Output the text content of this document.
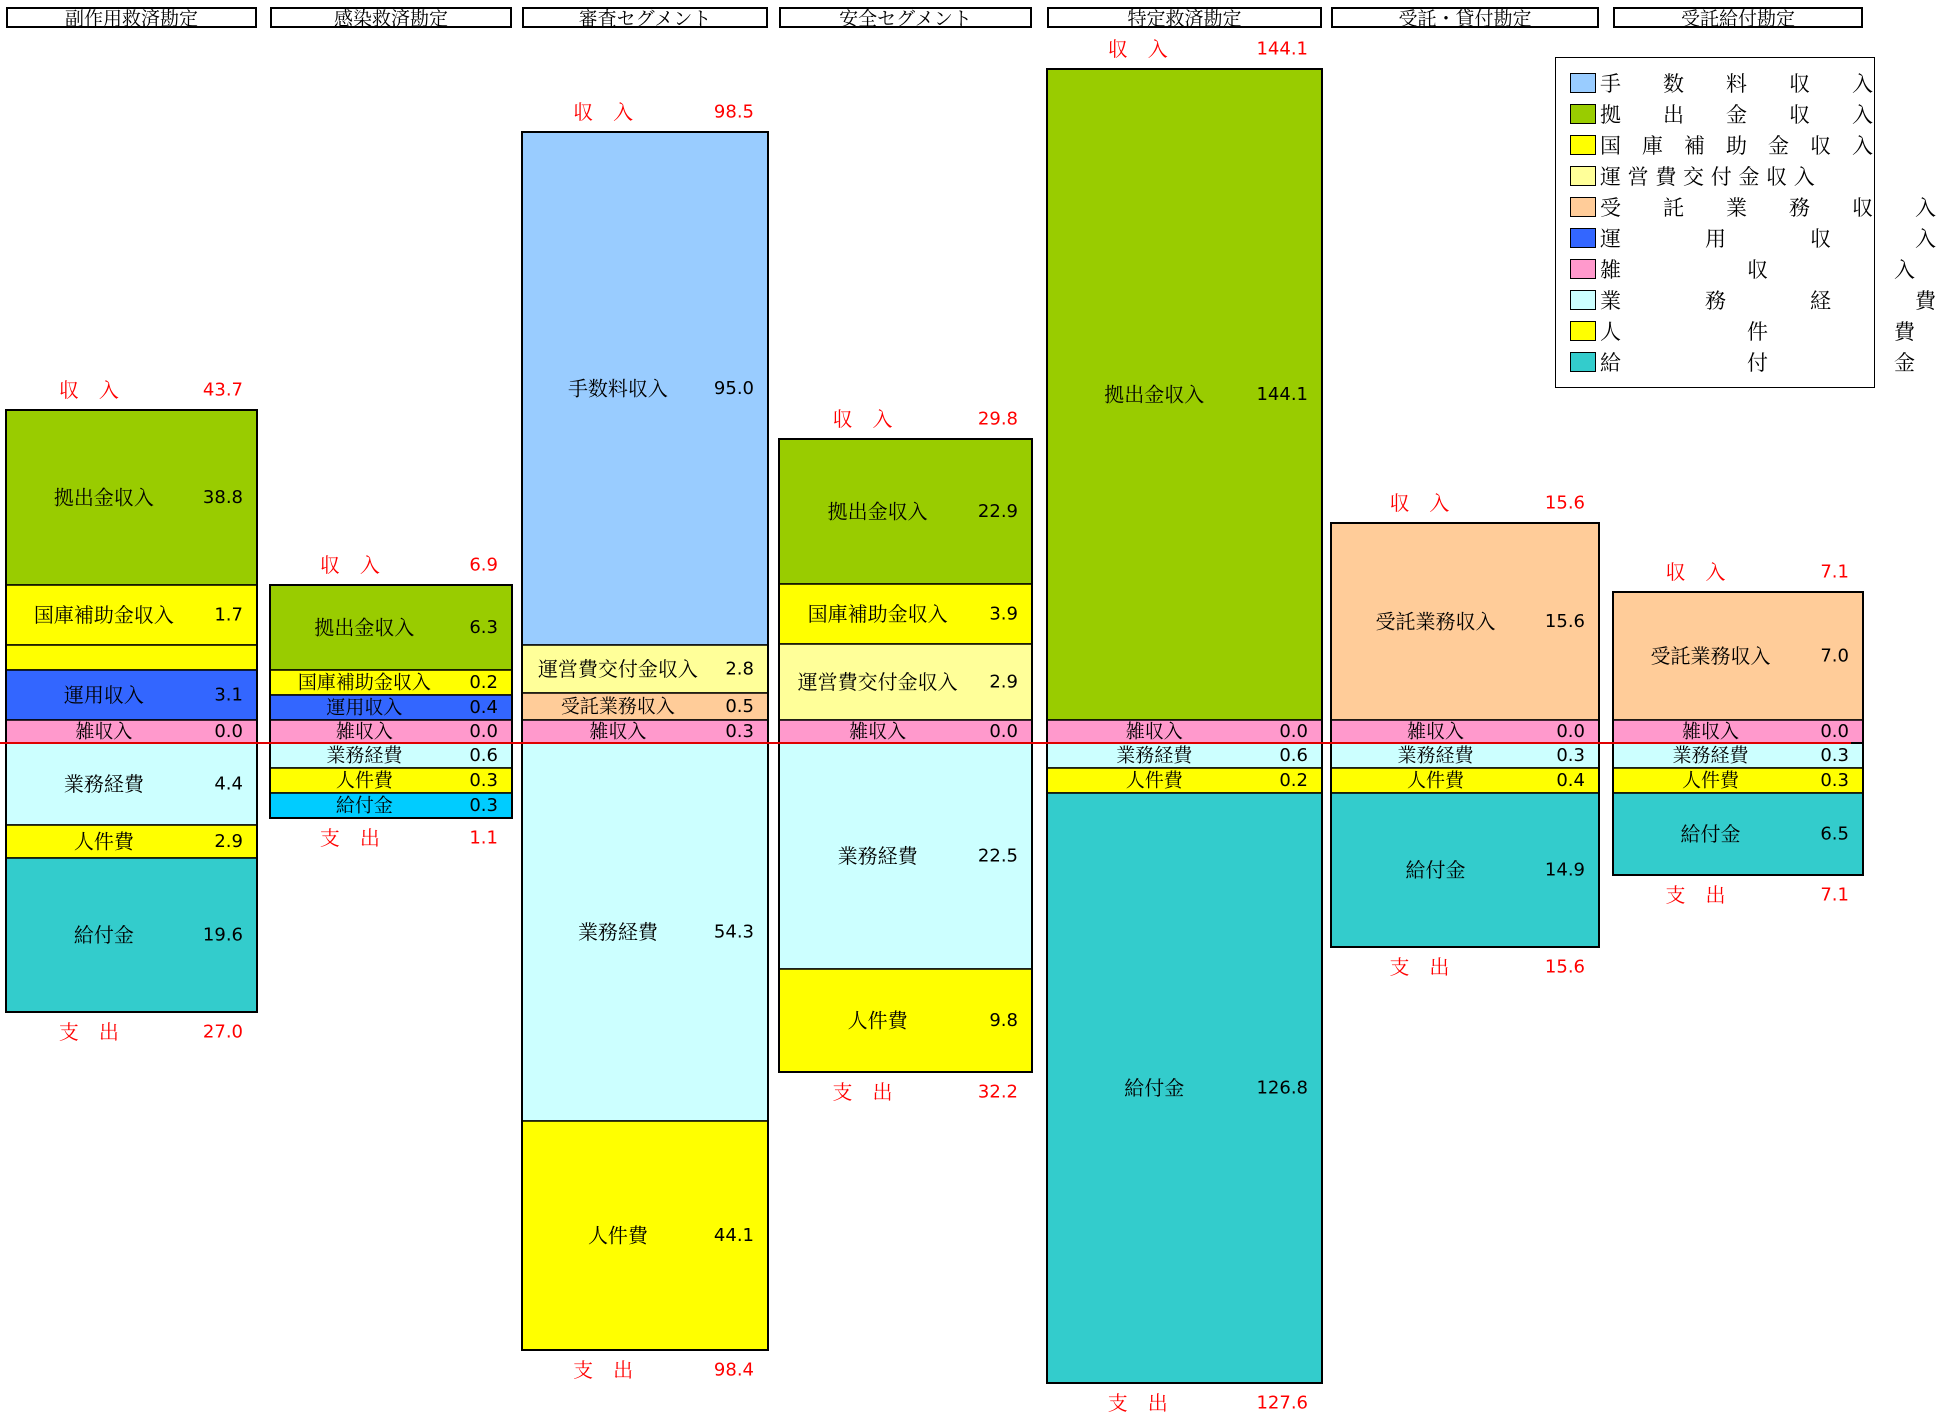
副作用救済勘定	感染救済勘定	審査セグメント	安全セグメント	特定救済勘定	受託・貸付勘定	受託給付勘定
拠出金収入	38.8
国庫補助金収入 1.7
運用収入	3.1
雑収入	0.0
収　入	43.7
業務経費	4.4
人件費	2.9
給付金	19.6
支　出	27.0
拠出金収入	6.3
国庫補助金収入 0.2
運用収入	0.4
雑収入	0.0
収　入	6.9
業務経費	0.6
人件費	0.3
給付金	0.3
支　出	1.1
手数料収入	95.0
運営費交付金収入 2.8
受託業務収入	0.5
雑収入	0.3
収　入	98.5
業務経費	54.3
人件費	44.1
支　出	98.4
拠出金収入	22.9
国庫補助金収入 3.9
運営費交付金収入 2.9
雑収入	0.0
収　入	29.8
業務経費	22.5
人件費	9.8
支　出	32.2
拠出金収入	144.1
雑収入	0.0
収　入	144.1
業務経費	0.6
人件費	0.2
給付金	126.8
支　出	127.6
受託業務収入	15.6
雑収入	0.0
収　入	15.6
業務経費	0.3
人件費	0.4
給付金	14.9
支　出	15.6
受託業務収入	7.0
雑収入	0.0
収　入	7.1
業務経費	0.3
人件費	0.3
給付金	6.5
支　出	7.1
手　　数　　料　　収　　入
拠　　出　　金　　収　　入
国　庫　補　助　金　収　入
運 営 費 交 付 金 収 入
受　　託　　業　　務　　収　　入
運　　　　用　　　　収　　　　入
雑　　　　　　収　　　　　　入
業　　　　務　　　　経　　　　費
人　　　　　　件　　　　　　費
給　　　　　　付　　　　　　金
